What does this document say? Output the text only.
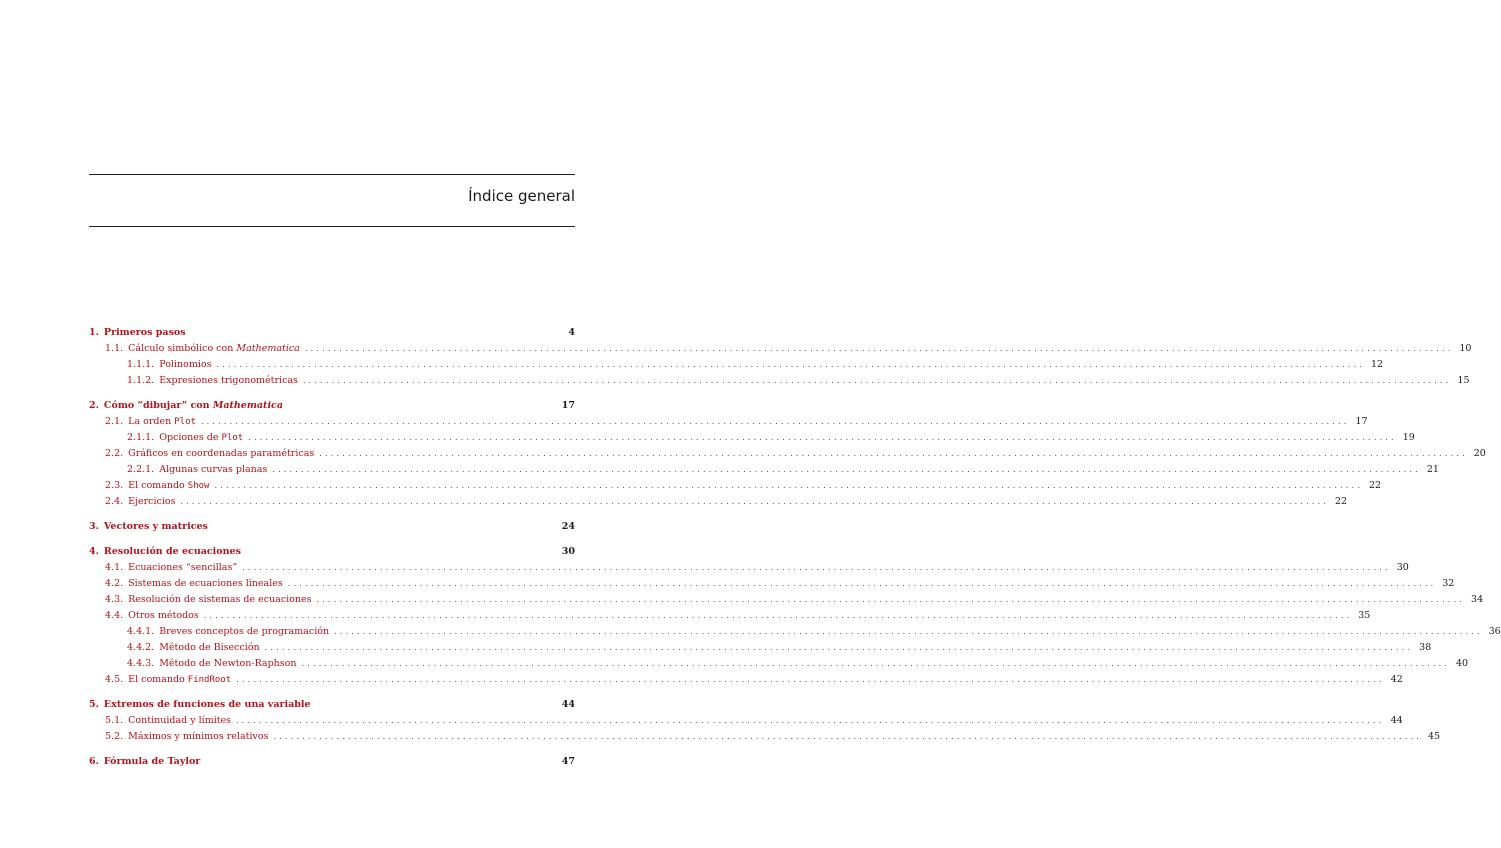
Índice general
1. Primeros pasos	4
1.1. Cálculo simbólico con Mathematica ........................................................................................................................................................................................................ 10
1.1.1. Polinomios ........................................................................................................................................................................................................ 12
1.1.2. Expresiones trigonométricas ........................................................................................................................................................................................................ 15
2. Cómo “dibujar” con Mathematica	17
2.1. La orden Plot ........................................................................................................................................................................................................ 17
2.1.1. Opciones de Plot ........................................................................................................................................................................................................ 19
2.2. Gráficos en coordenadas paramétricas ........................................................................................................................................................................................................ 20
2.2.1. Algunas curvas planas ........................................................................................................................................................................................................ 21
2.3. El comando Show ........................................................................................................................................................................................................ 22
2.4. Ejercicios ........................................................................................................................................................................................................ 22
3. Vectores y matrices	24
4. Resolución de ecuaciones	30
4.1. Ecuaciones “sencillas” ........................................................................................................................................................................................................ 30
4.2. Sistemas de ecuaciones lineales ........................................................................................................................................................................................................ 32
4.3. Resolución de sistemas de ecuaciones ........................................................................................................................................................................................................ 34
4.4. Otros métodos ........................................................................................................................................................................................................ 35
4.4.1. Breves conceptos de programación ........................................................................................................................................................................................................ 36
4.4.2. Método de Bisección ........................................................................................................................................................................................................ 38
4.4.3. Método de Newton-Raphson ........................................................................................................................................................................................................ 40
4.5. El comando FindRoot ........................................................................................................................................................................................................ 42
5. Extremos de funciones de una variable	44
5.1. Continuidad y límites ........................................................................................................................................................................................................ 44
5.2. Máximos y mínimos relativos ........................................................................................................................................................................................................ 45
6. Fórmula de Taylor	47
